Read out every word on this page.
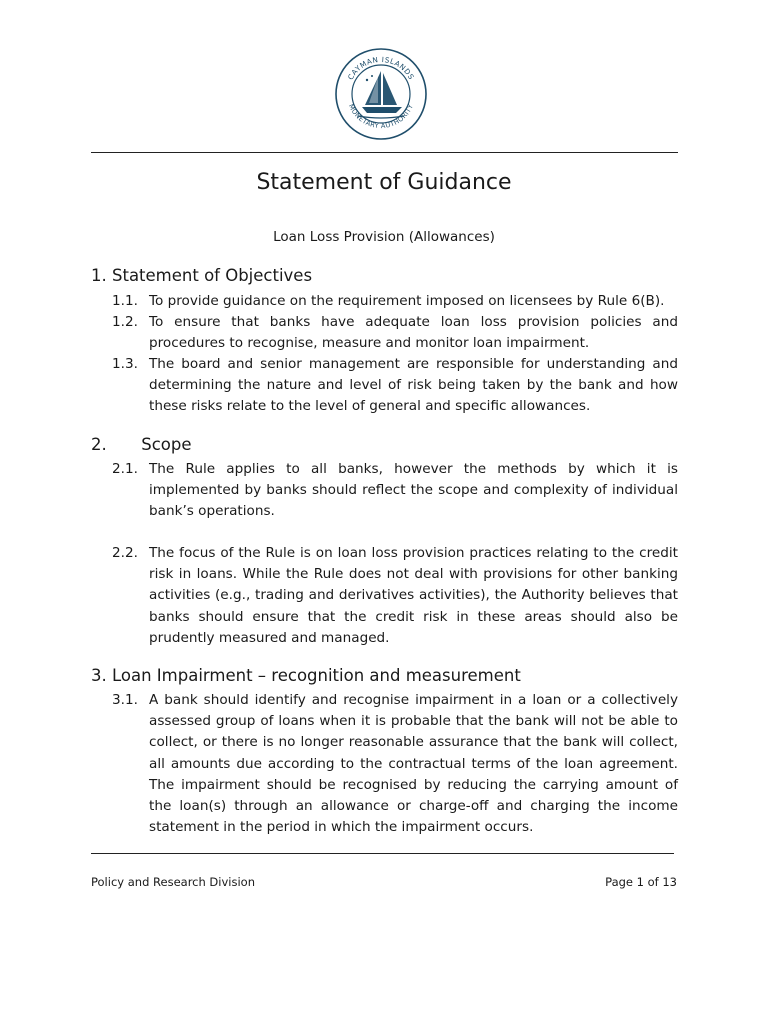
CAYMAN ISLANDS
MONETARY AUTHORITY
Statement of Guidance
Loan Loss Provision (Allowances)
1. Statement of Objectives
1.1. To provide guidance on the requirement imposed on licensees by Rule 6(B).
1.2. To ensure that banks have adequate loan loss provision policies and procedures to recognise, measure and monitor loan impairment.
1.3. The board and senior management are responsible for understanding and determining the nature and level of risk being taken by the bank and how these risks relate to the level of general and specific allowances.
2. Scope
2.1. The Rule applies to all banks, however the methods by which it is implemented by banks should reflect the scope and complexity of individual bank’s operations.
2.2. The focus of the Rule is on loan loss provision practices relating to the credit risk in loans. While the Rule does not deal with provisions for other banking activities (e.g., trading and derivatives activities), the Authority believes that banks should ensure that the credit risk in these areas should also be prudently measured and managed.
3. Loan Impairment – recognition and measurement
3.1. A bank should identify and recognise impairment in a loan or a collectively assessed group of loans when it is probable that the bank will not be able to collect, or there is no longer reasonable assurance that the bank will collect, all amounts due according to the contractual terms of the loan agreement. The impairment should be recognised by reducing the carrying amount of the loan(s) through an allowance or charge-off and charging the income statement in the period in which the impairment occurs.
Policy and Research Division	Page 1 of 13
